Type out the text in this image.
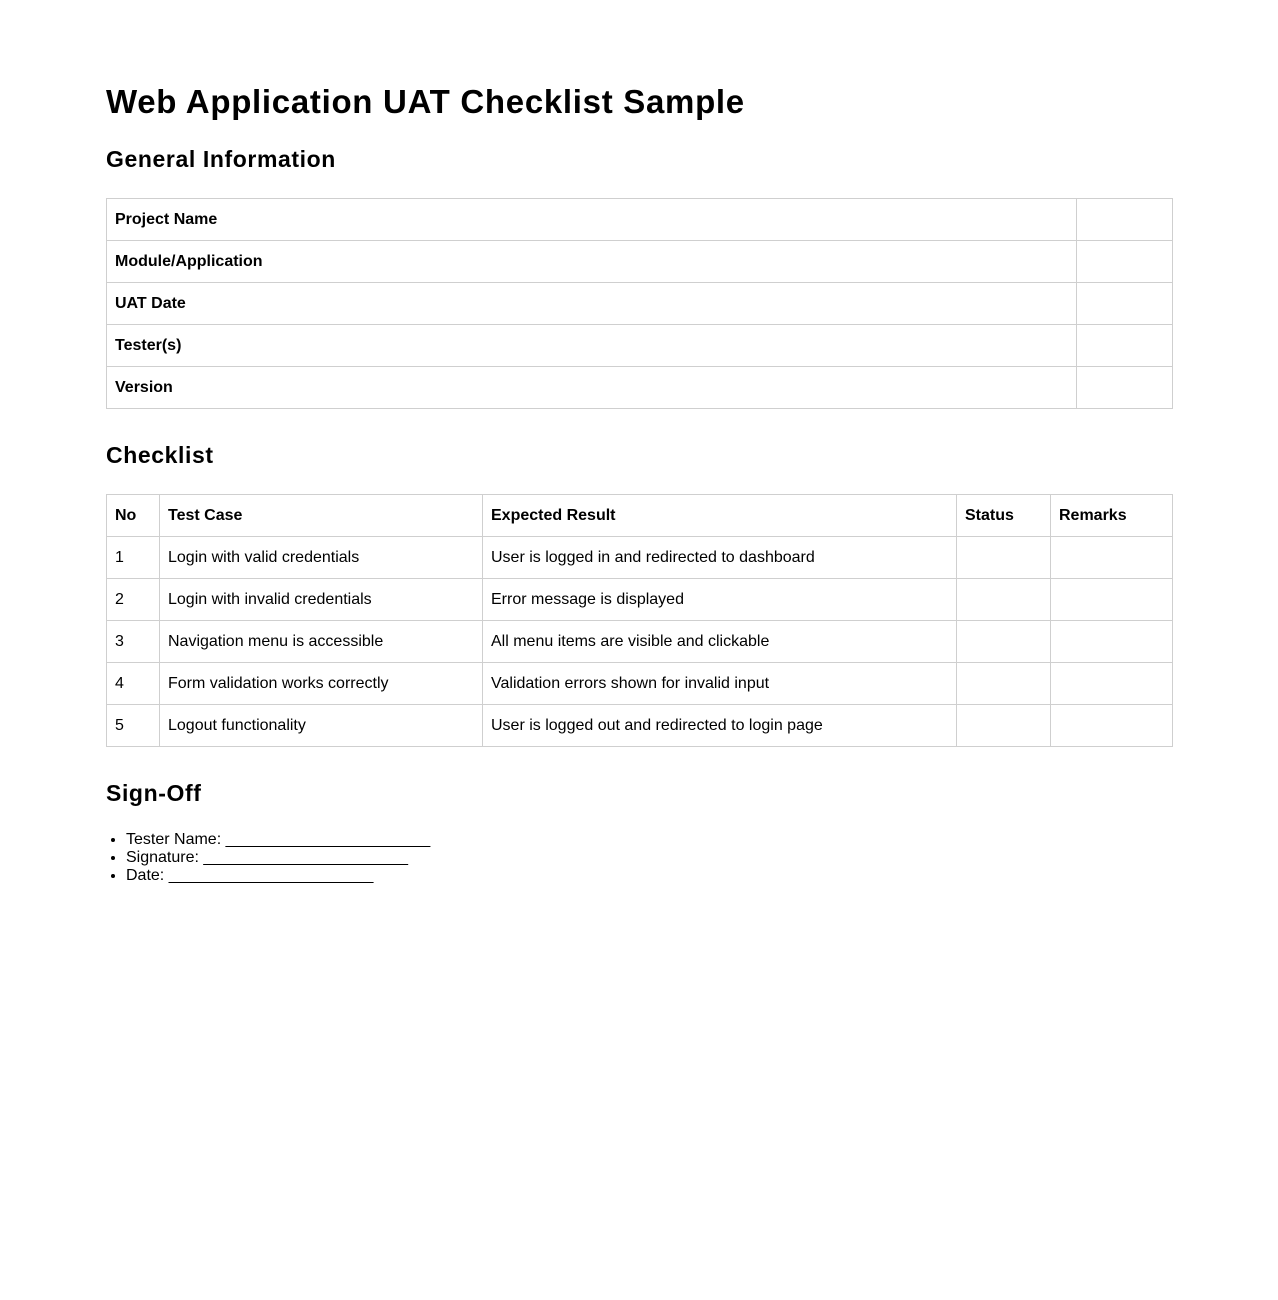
Web Application UAT Checklist Sample
General Information
Project Name	
Module/Application	
UAT Date	
Tester(s)	
Version	
Checklist
No	Test Case	Expected Result	Status	Remarks
1	Login with valid credentials	User is logged in and redirected to dashboard		
2	Login with invalid credentials	Error message is displayed		
3	Navigation menu is accessible	All menu items are visible and clickable		
4	Form validation works correctly	Validation errors shown for invalid input		
5	Logout functionality	User is logged out and redirected to login page		
Sign-Off
• Tester Name: _______________________
• Signature: _______________________
• Date: _______________________
